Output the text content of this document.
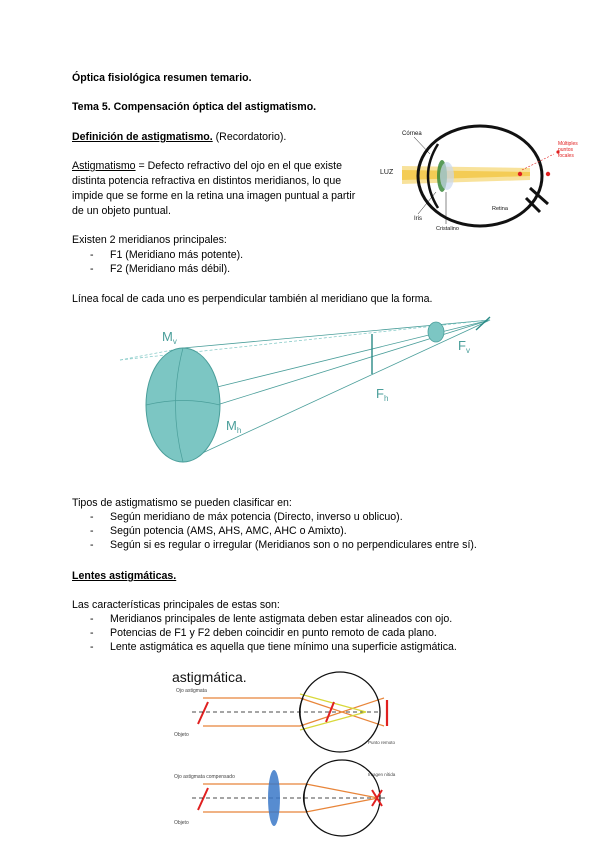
Óptica fisiológica resumen temario.
Tema 5. Compensación óptica del astigmatismo.
Definición de astigmatismo. (Recordatorio).
Astigmatismo = Defecto refractivo del ojo en el que existe
distinta potencia refractiva en distintos meridianos, lo que
impide que se forme en la retina una imagen puntual a partir
de un objeto puntual.
Existen 2 meridianos principales:
- F1 (Meridiano más potente).
- F2 (Meridiano más débil).
Línea focal de cada uno es perpendicular también al meridiano que la forma.
Tipos de astigmatismo se pueden clasificar en:
- Según meridiano de máx potencia (Directo, inverso u oblicuo).
- Según potencia (AMS, AHS, AMC, AHC o Amixto).
- Según si es regular o irregular (Meridianos son o no perpendiculares entre sí).
Lentes astigmáticas.
Las características principales de estas son:
- Meridianos principales de lente astigmata deben estar alineados con ojo.
- Potencias de F1 y F2 deben coincidir en punto remoto de cada plano.
- Lente astigmática es aquella que tiene mínimo una superficie astigmática.
Córnea
LUZ
Iris
Cristalino
Retina
Múltiples puntos focales
$M_v$
$M_h$
$F_v$
$F_h$
astigmática.
Ojo astigmata
Objeto
Punto remoto
Ojo astigmata compensado
Objeto
Imagen nítida
